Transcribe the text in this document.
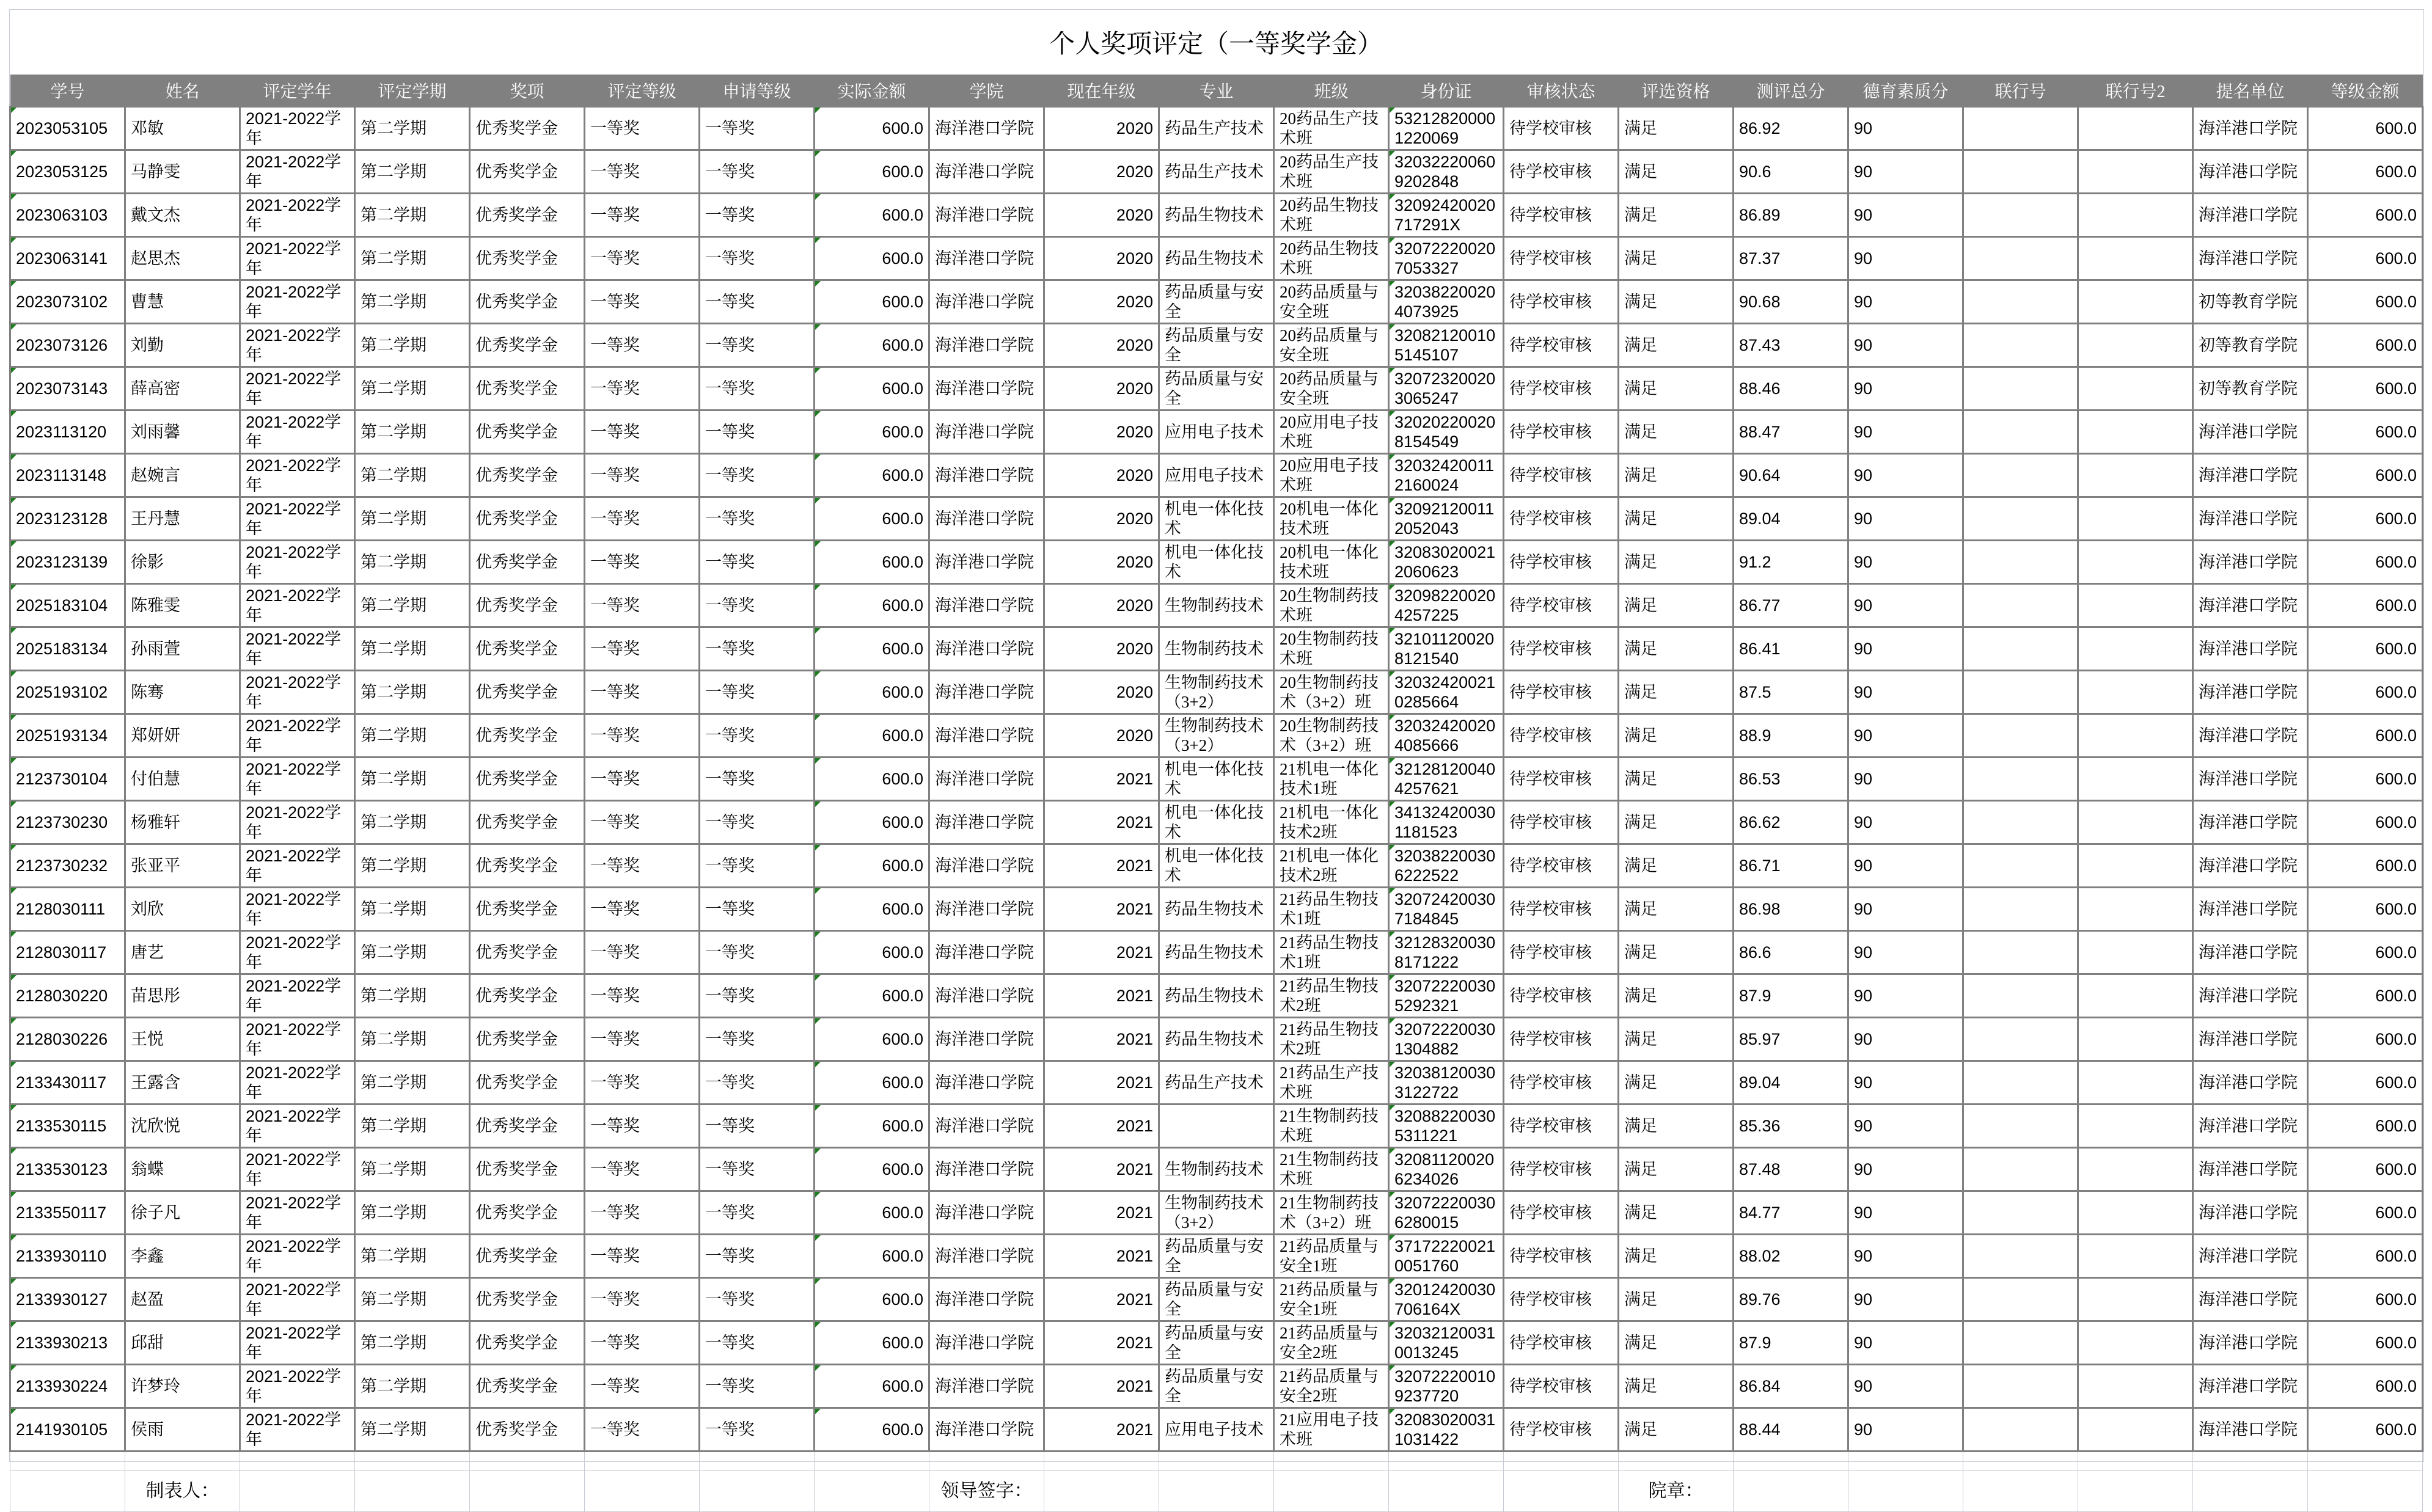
个人奖项评定（一等奖学金）
学号	姓名	评定学年	评定学期	奖项	评定等级	申请等级	实际金额	学院	现在年级	专业	班级	身份证	审核状态	评选资格	测评总分	德育素质分	联行号	联行号2	提名单位	等级金额
2023053105	邓敏	2021-2022学年	第二学期	优秀奖学金	一等奖	一等奖	600.0	海洋港口学院	2020	药品生产技术	20药品生产技术班	532128200001220069	待学校审核	满足	86.92	90			海洋港口学院	600.0
2023053125	马静雯	2021-2022学年	第二学期	优秀奖学金	一等奖	一等奖	600.0	海洋港口学院	2020	药品生产技术	20药品生产技术班	320322200609202848	待学校审核	满足	90.6	90			海洋港口学院	600.0
2023063103	戴文杰	2021-2022学年	第二学期	优秀奖学金	一等奖	一等奖	600.0	海洋港口学院	2020	药品生物技术	20药品生物技术班	32092420020717291X	待学校审核	满足	86.89	90			海洋港口学院	600.0
2023063141	赵思杰	2021-2022学年	第二学期	优秀奖学金	一等奖	一等奖	600.0	海洋港口学院	2020	药品生物技术	20药品生物技术班	320722200207053327	待学校审核	满足	87.37	90			海洋港口学院	600.0
2023073102	曹慧	2021-2022学年	第二学期	优秀奖学金	一等奖	一等奖	600.0	海洋港口学院	2020	药品质量与安全	20药品质量与安全班	320382200204073925	待学校审核	满足	90.68	90			初等教育学院	600.0
2023073126	刘勤	2021-2022学年	第二学期	优秀奖学金	一等奖	一等奖	600.0	海洋港口学院	2020	药品质量与安全	20药品质量与安全班	320821200105145107	待学校审核	满足	87.43	90			初等教育学院	600.0
2023073143	薛高密	2021-2022学年	第二学期	优秀奖学金	一等奖	一等奖	600.0	海洋港口学院	2020	药品质量与安全	20药品质量与安全班	320723200203065247	待学校审核	满足	88.46	90			初等教育学院	600.0
2023113120	刘雨馨	2021-2022学年	第二学期	优秀奖学金	一等奖	一等奖	600.0	海洋港口学院	2020	应用电子技术	20应用电子技术班	320202200208154549	待学校审核	满足	88.47	90			海洋港口学院	600.0
2023113148	赵婉言	2021-2022学年	第二学期	优秀奖学金	一等奖	一等奖	600.0	海洋港口学院	2020	应用电子技术	20应用电子技术班	320324200112160024	待学校审核	满足	90.64	90			海洋港口学院	600.0
2023123128	王丹慧	2021-2022学年	第二学期	优秀奖学金	一等奖	一等奖	600.0	海洋港口学院	2020	机电一体化技术	20机电一体化技术班	320921200112052043	待学校审核	满足	89.04	90			海洋港口学院	600.0
2023123139	徐影	2021-2022学年	第二学期	优秀奖学金	一等奖	一等奖	600.0	海洋港口学院	2020	机电一体化技术	20机电一体化技术班	320830200212060623	待学校审核	满足	91.2	90			海洋港口学院	600.0
2025183104	陈雅雯	2021-2022学年	第二学期	优秀奖学金	一等奖	一等奖	600.0	海洋港口学院	2020	生物制药技术	20生物制药技术班	320982200204257225	待学校审核	满足	86.77	90			海洋港口学院	600.0
2025183134	孙雨萱	2021-2022学年	第二学期	优秀奖学金	一等奖	一等奖	600.0	海洋港口学院	2020	生物制药技术	20生物制药技术班	321011200208121540	待学校审核	满足	86.41	90			海洋港口学院	600.0
2025193102	陈骞	2021-2022学年	第二学期	优秀奖学金	一等奖	一等奖	600.0	海洋港口学院	2020	生物制药技术（3+2）	20生物制药技术（3+2）班	320324200210285664	待学校审核	满足	87.5	90			海洋港口学院	600.0
2025193134	郑妍妍	2021-2022学年	第二学期	优秀奖学金	一等奖	一等奖	600.0	海洋港口学院	2020	生物制药技术（3+2）	20生物制药技术（3+2）班	320324200204085666	待学校审核	满足	88.9	90			海洋港口学院	600.0
2123730104	付伯慧	2021-2022学年	第二学期	优秀奖学金	一等奖	一等奖	600.0	海洋港口学院	2021	机电一体化技术	21机电一体化技术1班	321281200404257621	待学校审核	满足	86.53	90			海洋港口学院	600.0
2123730230	杨雅轩	2021-2022学年	第二学期	优秀奖学金	一等奖	一等奖	600.0	海洋港口学院	2021	机电一体化技术	21机电一体化技术2班	341324200301181523	待学校审核	满足	86.62	90			海洋港口学院	600.0
2123730232	张亚平	2021-2022学年	第二学期	优秀奖学金	一等奖	一等奖	600.0	海洋港口学院	2021	机电一体化技术	21机电一体化技术2班	320382200306222522	待学校审核	满足	86.71	90			海洋港口学院	600.0
2128030111	刘欣	2021-2022学年	第二学期	优秀奖学金	一等奖	一等奖	600.0	海洋港口学院	2021	药品生物技术	21药品生物技术1班	320724200307184845	待学校审核	满足	86.98	90			海洋港口学院	600.0
2128030117	唐艺	2021-2022学年	第二学期	优秀奖学金	一等奖	一等奖	600.0	海洋港口学院	2021	药品生物技术	21药品生物技术1班	321283200308171222	待学校审核	满足	86.6	90			海洋港口学院	600.0
2128030220	苗思彤	2021-2022学年	第二学期	优秀奖学金	一等奖	一等奖	600.0	海洋港口学院	2021	药品生物技术	21药品生物技术2班	320722200305292321	待学校审核	满足	87.9	90			海洋港口学院	600.0
2128030226	王悦	2021-2022学年	第二学期	优秀奖学金	一等奖	一等奖	600.0	海洋港口学院	2021	药品生物技术	21药品生物技术2班	320722200301304882	待学校审核	满足	85.97	90			海洋港口学院	600.0
2133430117	王露含	2021-2022学年	第二学期	优秀奖学金	一等奖	一等奖	600.0	海洋港口学院	2021	药品生产技术	21药品生产技术班	320381200303122722	待学校审核	满足	89.04	90			海洋港口学院	600.0
2133530115	沈欣悦	2021-2022学年	第二学期	优秀奖学金	一等奖	一等奖	600.0	海洋港口学院	2021		21生物制药技术班	320882200305311221	待学校审核	满足	85.36	90			海洋港口学院	600.0
2133530123	翁蝶	2021-2022学年	第二学期	优秀奖学金	一等奖	一等奖	600.0	海洋港口学院	2021	生物制药技术	21生物制药技术班	320811200206234026	待学校审核	满足	87.48	90			海洋港口学院	600.0
2133550117	徐子凡	2021-2022学年	第二学期	优秀奖学金	一等奖	一等奖	600.0	海洋港口学院	2021	生物制药技术（3+2）	21生物制药技术（3+2）班	320722200306280015	待学校审核	满足	84.77	90			海洋港口学院	600.0
2133930110	李鑫	2021-2022学年	第二学期	优秀奖学金	一等奖	一等奖	600.0	海洋港口学院	2021	药品质量与安全	21药品质量与安全1班	371722200210051760	待学校审核	满足	88.02	90			海洋港口学院	600.0
2133930127	赵盈	2021-2022学年	第二学期	优秀奖学金	一等奖	一等奖	600.0	海洋港口学院	2021	药品质量与安全	21药品质量与安全1班	32012420030706164X	待学校审核	满足	89.76	90			海洋港口学院	600.0
2133930213	邱甜	2021-2022学年	第二学期	优秀奖学金	一等奖	一等奖	600.0	海洋港口学院	2021	药品质量与安全	21药品质量与安全2班	320321200310013245	待学校审核	满足	87.9	90			海洋港口学院	600.0
2133930224	许梦玲	2021-2022学年	第二学期	优秀奖学金	一等奖	一等奖	600.0	海洋港口学院	2021	药品质量与安全	21药品质量与安全2班	320722200109237720	待学校审核	满足	86.84	90			海洋港口学院	600.0
2141930105	侯雨	2021-2022学年	第二学期	优秀奖学金	一等奖	一等奖	600.0	海洋港口学院	2021	应用电子技术	21应用电子技术班	320830200311031422	待学校审核	满足	88.44	90			海洋港口学院	600.0

	制表人：							领导签字：						院章：						
